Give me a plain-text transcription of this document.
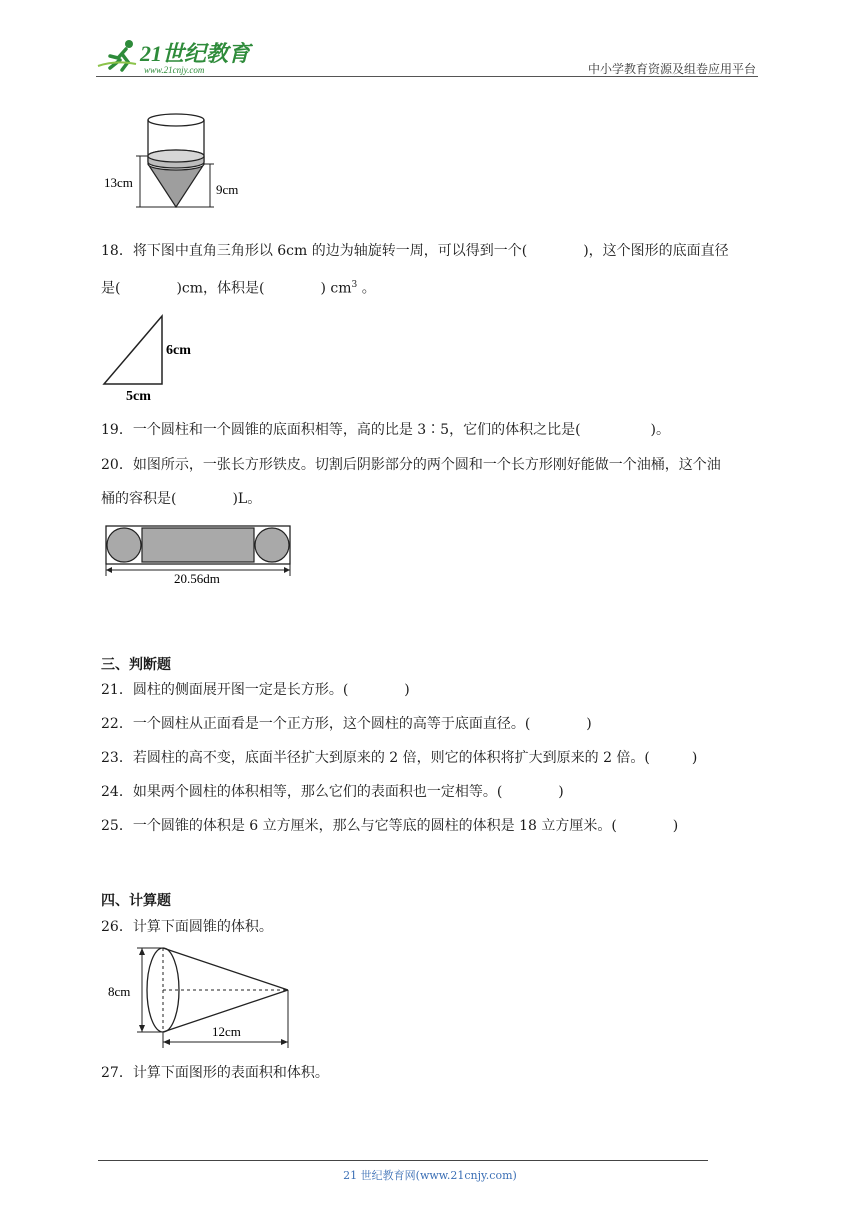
21世纪教育
www.21cnjy.com	中小学教育资源及组卷应用平台
13cm	9cm
18．将下图中直角三角形以 6cm 的边为轴旋转一周，可以得到一个(　　　　)，这个图形的底面直径
是(　　　　)cm，体积是(　　　　) $cm^3$ 。
6cm
5cm
19．一个圆柱和一个圆锥的底面积相等，高的比是 3∶5，它们的体积之比是(　　　　　)。
20．如图所示，一张长方形铁皮。切割后阴影部分的两个圆和一个长方形刚好能做一个油桶，这个油
桶的容积是(　　　　)L。
20.56dm
三、判断题
21．圆柱的侧面展开图一定是长方形。(　　　　)
22．一个圆柱从正面看是一个正方形，这个圆柱的高等于底面直径。(　　　　)
23．若圆柱的高不变，底面半径扩大到原来的 2 倍，则它的体积将扩大到原来的 2 倍。(　　　)
24．如果两个圆柱的体积相等，那么它们的表面积也一定相等。(　　　　)
25．一个圆锥的体积是 6 立方厘米，那么与它等底的圆柱的体积是 18 立方厘米。(　　　　)
四、计算题
26．计算下面圆锥的体积。
8cm
12cm
27．计算下面图形的表面积和体积。
21 世纪教育网(www.21cnjy.com)
